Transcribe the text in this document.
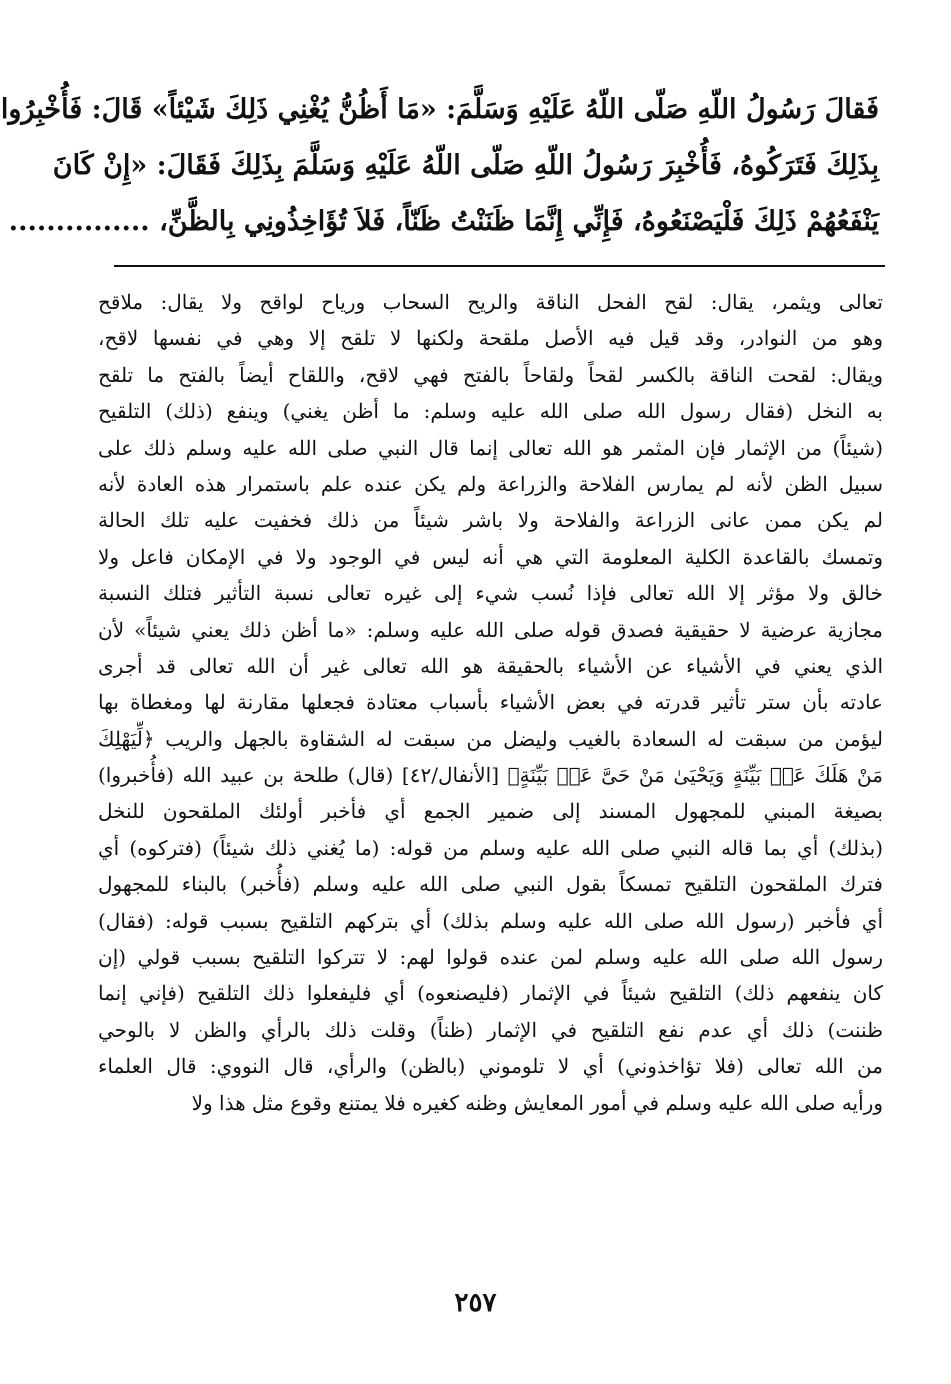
فَقالَ رَسُولُ اللّهِ صَلّى اللّهُ عَلَيْهِ وَسَلَّمَ: «مَا أَظُنُّ يُغْنِي ذَلِكَ شَيْئاً» قَالَ: فَأُخْبِرُوا
بِذَلِكَ فَتَرَكُوهُ، فَأُخْبِرَ رَسُولُ اللّهِ صَلّى اللّهُ عَلَيْهِ وَسَلَّمَ بِذَلِكَ فَقَالَ: «إِنْ كَانَ
يَنْفَعُهُمْ ذَلِكَ فَلْيَصْنَعُوهُ، فَإِنِّي إِنَّمَا ظَنَنْتُ ظَنّاً، فَلاَ تُؤَاخِذُونِي بِالظَّنِّ، ...............
تعالى ويثمر، يقال: لقح الفحل الناقة والريح السحاب ورياح لواقح ولا يقال: ملاقح
وهو من النوادر، وقد قيل فيه الأصل ملقحة ولكنها لا تلقح إلا وهي في نفسها لاقح،
ويقال: لقحت الناقة بالكسر لقحاً ولقاحاً بالفتح فهي لاقح، واللقاح أيضاً بالفتح ما تلقح
به النخل (فقال رسول الله صلى الله عليه وسلم: ما أظن يغني) وينفع (ذلك) التلقيح
(شيئاً) من الإثمار فإن المثمر هو الله تعالى إنما قال النبي صلى الله عليه وسلم ذلك على
سبيل الظن لأنه لم يمارس الفلاحة والزراعة ولم يكن عنده علم باستمرار هذه العادة لأنه
لم يكن ممن عانى الزراعة والفلاحة ولا باشر شيئاً من ذلك فخفيت عليه تلك الحالة
وتمسك بالقاعدة الكلية المعلومة التي هي أنه ليس في الوجود ولا في الإمكان فاعل ولا
خالق ولا مؤثر إلا الله تعالى فإذا نُسب شيء إلى غيره تعالى نسبة التأثير فتلك النسبة
مجازية عرضية لا حقيقية فصدق قوله صلى الله عليه وسلم: «ما أظن ذلك يعني شيئاً» لأن
الذي يعني في الأشياء عن الأشياء بالحقيقة هو الله تعالى غير أن الله تعالى قد أجرى
عادته بأن ستر تأثير قدرته في بعض الأشياء بأسباب معتادة فجعلها مقارنة لها ومغطاة بها
ليؤمن من سبقت له السعادة بالغيب وليضل من سبقت له الشقاوة بالجهل والريب ﴿لِّيَهْلِكَ
مَنْ هَلَكَ عَنۢ بَيِّنَةٍ وَيَحْيَىٰ مَنْ حَىَّ عَنۢ بَيِّنَةٍ﴾ [الأنفال/٤٢] (قال) طلحة بن عبيد الله (فأُخبروا)
بصيغة المبني للمجهول المسند إلى ضمير الجمع أي فأخبر أولئك الملقحون للنخل
(بذلك) أي بما قاله النبي صلى الله عليه وسلم من قوله: (ما يُغني ذلك شيئاً) (فتركوه) أي
فترك الملقحون التلقيح تمسكاً بقول النبي صلى الله عليه وسلم (فأُخبر) بالبناء للمجهول
أي فأخبر (رسول الله صلى الله عليه وسلم بذلك) أي بتركهم التلقيح بسبب قوله: (فقال)
رسول الله صلى الله عليه وسلم لمن عنده قولوا لهم: لا تتركوا التلقيح بسبب قولي (إن
كان ينفعهم ذلك) التلقيح شيئاً في الإثمار (فليصنعوه) أي فليفعلوا ذلك التلقيح (فإني إنما
ظننت) ذلك أي عدم نفع التلقيح في الإثمار (ظناً) وقلت ذلك بالرأي والظن لا بالوحي
من الله تعالى (فلا تؤاخذوني) أي لا تلوموني (بالظن) والرأي، قال النووي: قال العلماء
ورأيه صلى الله عليه وسلم في أمور المعايش وظنه كغيره فلا يمتنع وقوع مثل هذا ولا
٢٥٧
